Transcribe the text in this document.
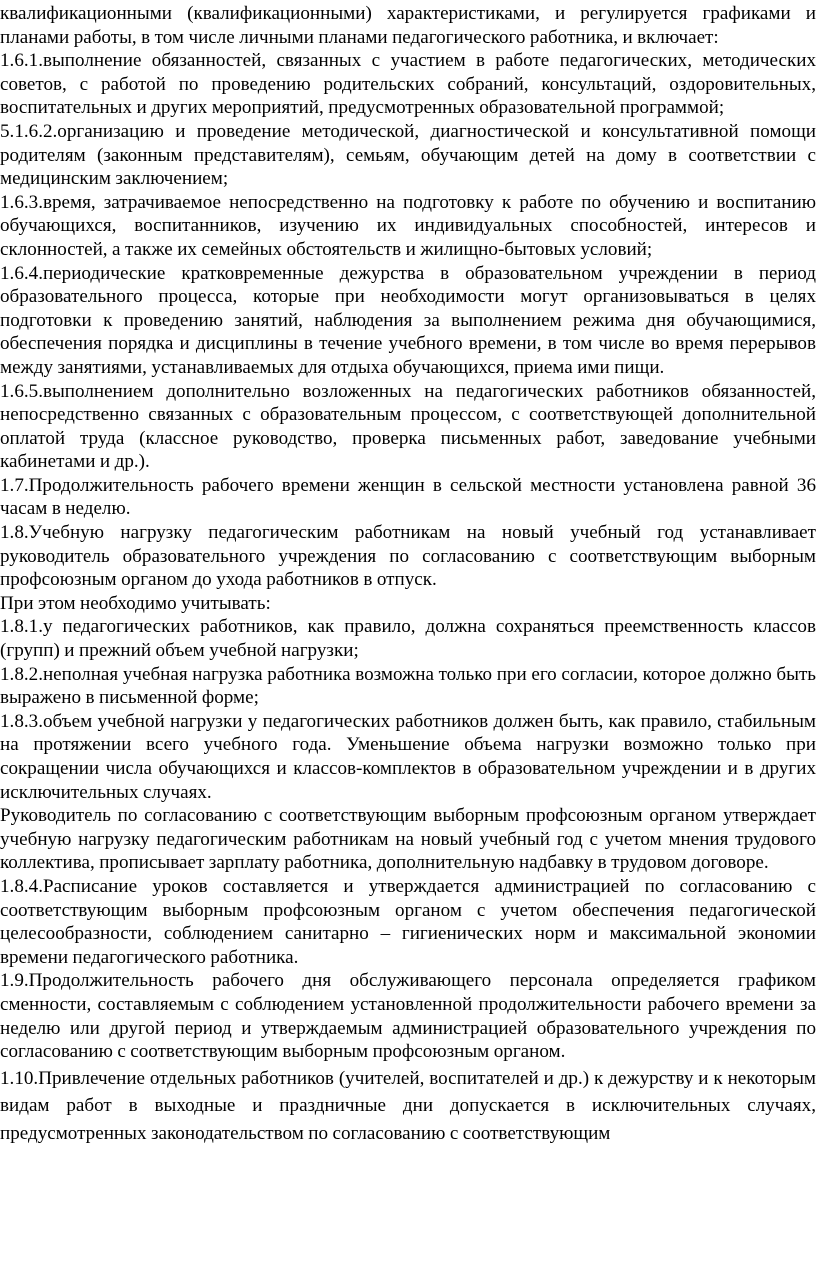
квалификационными (квалификационными) характеристиками, и регулируется графиками и планами работы, в том числе личными планами педагогического работника, и включает:

1.6.1.выполнение обязанностей, связанных с участием в работе педагогических, методических советов, с работой по проведению родительских собраний, консультаций, оздоровительных, воспитательных и других мероприятий, предусмотренных образовательной программой;

5.1.6.2.организацию и проведение методической, диагностической и консультативной помощи родителям (законным представителям), семьям, обучающим детей на дому в соответствии с медицинским заключением;

1.6.3.время, затрачиваемое непосредственно на подготовку к работе по обучению и воспитанию обучающихся, воспитанников, изучению их индивидуальных способностей, интересов и склонностей, а также их семейных обстоятельств и жилищно-бытовых условий;

1.6.4.периодические кратковременные дежурства в образовательном учреждении в период образовательного процесса, которые при необходимости могут организовываться в целях подготовки к проведению занятий, наблюдения за выполнением режима дня обучающимися, обеспечения порядка и дисциплины в течение учебного времени, в том числе во время перерывов между занятиями, устанавливаемых для отдыха обучающихся, приема ими пищи.

1.6.5.выполнением дополнительно возложенных на педагогических работников обязанностей, непосредственно связанных с образовательным процессом, с соответствующей дополнительной оплатой труда (классное руководство, проверка письменных работ, заведование учебными кабинетами и др.).

1.7.Продолжительность рабочего времени женщин в сельской местности установлена равной 36 часам в неделю.

1.8.Учебную нагрузку педагогическим работникам на новый учебный год устанавливает руководитель образовательного учреждения по согласованию с соответствующим выборным профсоюзным органом до ухода работников в отпуск.

При этом необходимо учитывать:

1.8.1.у педагогических работников, как правило, должна сохраняться преемственность классов (групп) и прежний объем учебной нагрузки;

1.8.2.неполная учебная нагрузка работника возможна только при его согласии, которое должно быть выражено в письменной форме;

1.8.3.объем учебной нагрузки у педагогических работников должен быть, как правило, стабильным на протяжении всего учебного года. Уменьшение объема нагрузки возможно только при сокращении числа обучающихся и классов-комплектов в образовательном учреждении и в других исключительных случаях.

Руководитель по согласованию с соответствующим выборным профсоюзным органом утверждает учебную нагрузку педагогическим работникам на новый учебный год с учетом мнения трудового коллектива, прописывает зарплату работника, дополнительную надбавку в трудовом договоре.

1.8.4.Расписание уроков составляется и утверждается администрацией по согласованию с соответствующим выборным профсоюзным органом с учетом обеспечения педагогической целесообразности, соблюдением санитарно – гигиенических норм и максимальной экономии времени педагогического работника.

1.9.Продолжительность рабочего дня обслуживающего персонала определяется графиком сменности, составляемым с соблюдением установленной продолжительности рабочего времени за неделю или другой период и утверждаемым администрацией образовательного учреждения по согласованию с соответствующим выборным профсоюзным органом.

1.10.Привлечение отдельных работников (учителей, воспитателей и др.) к дежурству и к некоторым видам работ в выходные и праздничные дни допускается в исключительных случаях, предусмотренных законодательством по согласованию с соответствующим
